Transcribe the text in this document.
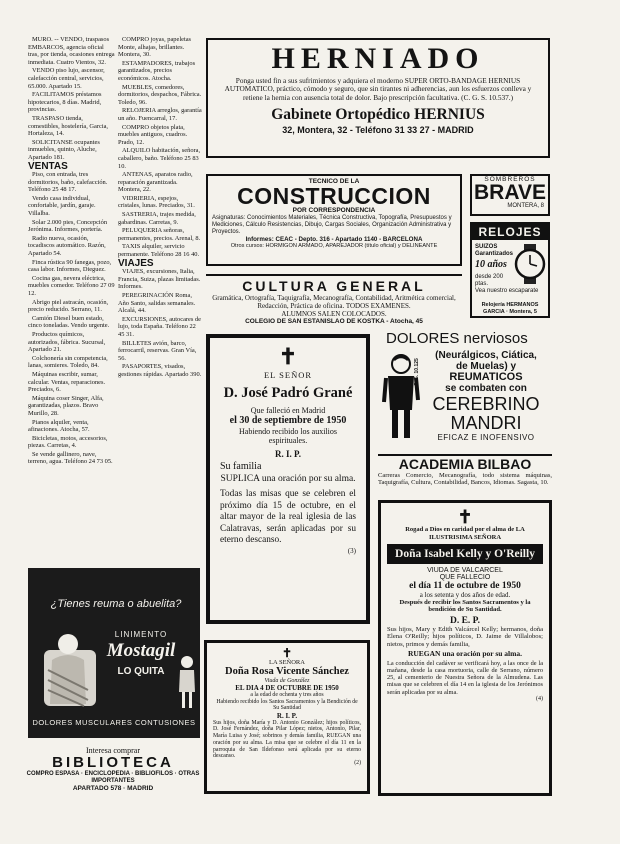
MURO. -- VENDO, traspasos EMBARCOS, agencia oficial tras, por tienda, ocasiones entrega inmediata. Cuatro Vientos, 32.

VENDO piso lujo, ascensor, calefacción central, servicios, 65.000. Apartado 15.

FACILITAMOS préstamos hipotecarios, 8 días. Madrid, provincias.

TRASPASO tienda, comestibles, hostelería, Garcia, Hortaleza, 14.

SOLICITANSE ocupantes inmuebles, quinto, Aluche, Apartado 181.

VENTAS

Piso, con entrada, tres dormitorios, baño, calefacción. Teléfono 25 48 17.

Vendo casa individual, confortable, jardín, garaje. Villalba.

Solar 2.000 pies, Concepción Jerónima. Informes, portería.

Radio nueva, ocasión, tocadiscos automático. Razón, Apartado 54.

Finca rústica 90 fanegas, pozo, casa labor. Informes, Dieguez.

Cocina gas, nevera eléctrica, muebles comedor. Teléfono 27 09 12.

Abrigo piel astracán, ocasión, precio reducido. Serrano, 11.

Camión Diesel buen estado, cinco toneladas. Vendo urgente.

Productos químicos, autorizados, fábrica. Sucursal, Apartado 21.

Colchonería sin competencia, lanas, somieres. Toledo, 84.

Máquinas escribir, sumar, calcular. Ventas, reparaciones. Preciados, 6.

Máquina coser Singer, Alfa, garantizadas, plazos. Bravo Murillo, 28.

Pianos alquiler, venta, afinaciones. Atocha, 57.

Bicicletas, motos, accesorios, piezas. Carretas, 4.

Se vende gallinero, nave, terreno, agua. Teléfono 24 73 05.

COMPRO joyas, papeletas Monte, alhajas, brillantes. Montera, 30.

ESTAMPADORES, trabajos garantizados, precios económicos. Atocha.

MUEBLES, comedores, dormitorios, despachos, Fábrica. Toledo, 96.

RELOJERIA arreglos, garantía un año. Fuencarral, 17.

COMPRO objetos plata, muebles antiguos, cuadros. Prado, 12.

ALQUILO habitación, señora, caballero, baño. Teléfono 25 83 10.

ANTENAS, aparatos radio, reparación garantizada. Montera, 22.

VIDRIERIA, espejos, cristales, lunas. Preciados, 31.

SASTRERIA, trajes medida, gabardinas. Carretas, 9.

PELUQUERIA señoras, permanentes, precios. Arenal, 8.

TAXIS alquiler, servicio permanente. Teléfono 28 16 40.

VIAJES

VIAJES, excursiones, Italia, Francia, Suiza, plazas limitadas. Informes.

PEREGRINACIÓN Roma, Año Santo, salidas semanales. Alcalá, 44.

EXCURSIONES, autocares de lujo, toda España. Teléfono 22 45 31.

BILLETES avión, barco, ferrocarril, reservas. Gran Vía, 56.

PASAPORTES, visados, gestiones rápidas. Apartado 390.

¿Tienes reuma o abuelita?
LINIMENTO
Mostagil
LO QUITA
DOLORES MUSCULARES CONTUSIONES
Interesa comprar
BIBLIOTECA
COMPRO ESPASA · ENCICLOPEDIA · BIBLIOFILOS · OTRAS IMPORTANTES
APARTADO 578 · MADRID
HERNIADO
Ponga usted fin a sus sufrimientos y adquiera el moderno SUPER ORTO-BANDAGE HERNIUS AUTOMATICO, práctico, cómodo y seguro, que sin tirantes ni adherencias, aun los esfuerzos conlleva y retiene la hernia con ausencia total de dolor. Bajo prescripción facultativa. (C. G. S. 10.537.)
Gabinete Ortopédico HERNIUS
32, Montera, 32 - Teléfono 31 33 27 - MADRID
TECNICO DE LA
CONSTRUCCION
POR CORRESPONDENCIA
Asignaturas: Conocimientos Materiales, Técnica Constructiva, Topografía, Presupuestos y Mediciones, Cálculo Resistencias, Dibujo, Cargas Sociales, Organización Administrativa y Proyectos.
Informes: CEAC - Depto. 316 - Apartado 1140 - BARCELONA
Otros cursos: HORMIGON ARMADO, APAREJADOR (título oficial) y DELINEANTE
SOMBREROS
BRAVE
MONTERA, 8
RELOJES
SUIZOS Garantizados
10 años
desde 200 ptas.
Vea nuestro escaparate
Relojería HERMANOS GARCIA · Montera, 5
CULTURA GENERAL
Gramática, Ortografía, Taquigrafía, Mecanografía, Contabilidad, Aritmética comercial, Redacción, Práctica de oficina. TODOS EXAMENES.
ALUMNOS SALEN COLOCADOS.
COLEGIO DE SAN ESTANISLAO DE KOSTKA - Atocha, 45
✝
EL SEÑOR
D. José Padró Grané
Que falleció en Madrid
el 30 de septiembre de 1950
Habiendo recibido los auxilios espirituales.
R. I. P.
Su familia
SUPLICA una oración por su alma.
Todas las misas que se celebren el próximo día 15 de octubre, en el altar mayor de la real iglesia de las Calatravas, serán aplicadas por su eterno descanso.
(3)
✝
LA SEÑORA
Doña Rosa Vicente Sánchez
Viuda de González
EL DIA 4 DE OCTUBRE DE 1950
a la edad de ochenta y tres años
Habiendo recibido los Santos Sacramentos y la Bendición de Su Santidad
R. I. P.
Sus hijos, doña María y D. Antonio González; hijos políticos, D. José Fernández, doña Pilar López; nietos, Antonio, Pilar, María Luisa y José; sobrinos y demás familia, RUEGAN una oración por su alma. La misa que se celebre el día 11 en la parroquia de San Ildefonso será aplicada por su eterno descanso.
(2)
DOLORES nerviosos
C. S. 10.125
(Neurálgicos, Ciática,
de Muelas) y
REUMATICOS
se combaten con
CEREBRINO
MANDRI
EFICAZ E INOFENSIVO
ACADEMIA BILBAO
Carreras Comercio, Mecanografía, todo sistema máquinas, Taquigrafía, Cultura, Contabilidad, Bancos, Idiomas. Sagasta, 10.
✝
Rogad a Dios en caridad por el alma de LA ILUSTRISIMA SEÑORA
Doña Isabel Kelly y O'Reilly
VIUDA DE VALCARCEL
QUE FALLECIO
el día 11 de octubre de 1950
a los setenta y dos años de edad.
Después de recibir los Santos Sacramentos y la bendición de Su Santidad.
D. E. P.
Sus hijos, Mary y Edith Valcárcel Kelly; hermanos, doña Elena O'Reilly; hijos políticos, D. Jaime de Villalobos; nietos, primos y demás familia,
RUEGAN una oración por su alma.
La conducción del cadáver se verificará hoy, a las once de la mañana, desde la casa mortuoria, calle de Serrano, número 25, al cementerio de Nuestra Señora de la Almudena. Las misas que se celebren el día 14 en la iglesia de los Jerónimos serán aplicadas por su alma.
(4)
